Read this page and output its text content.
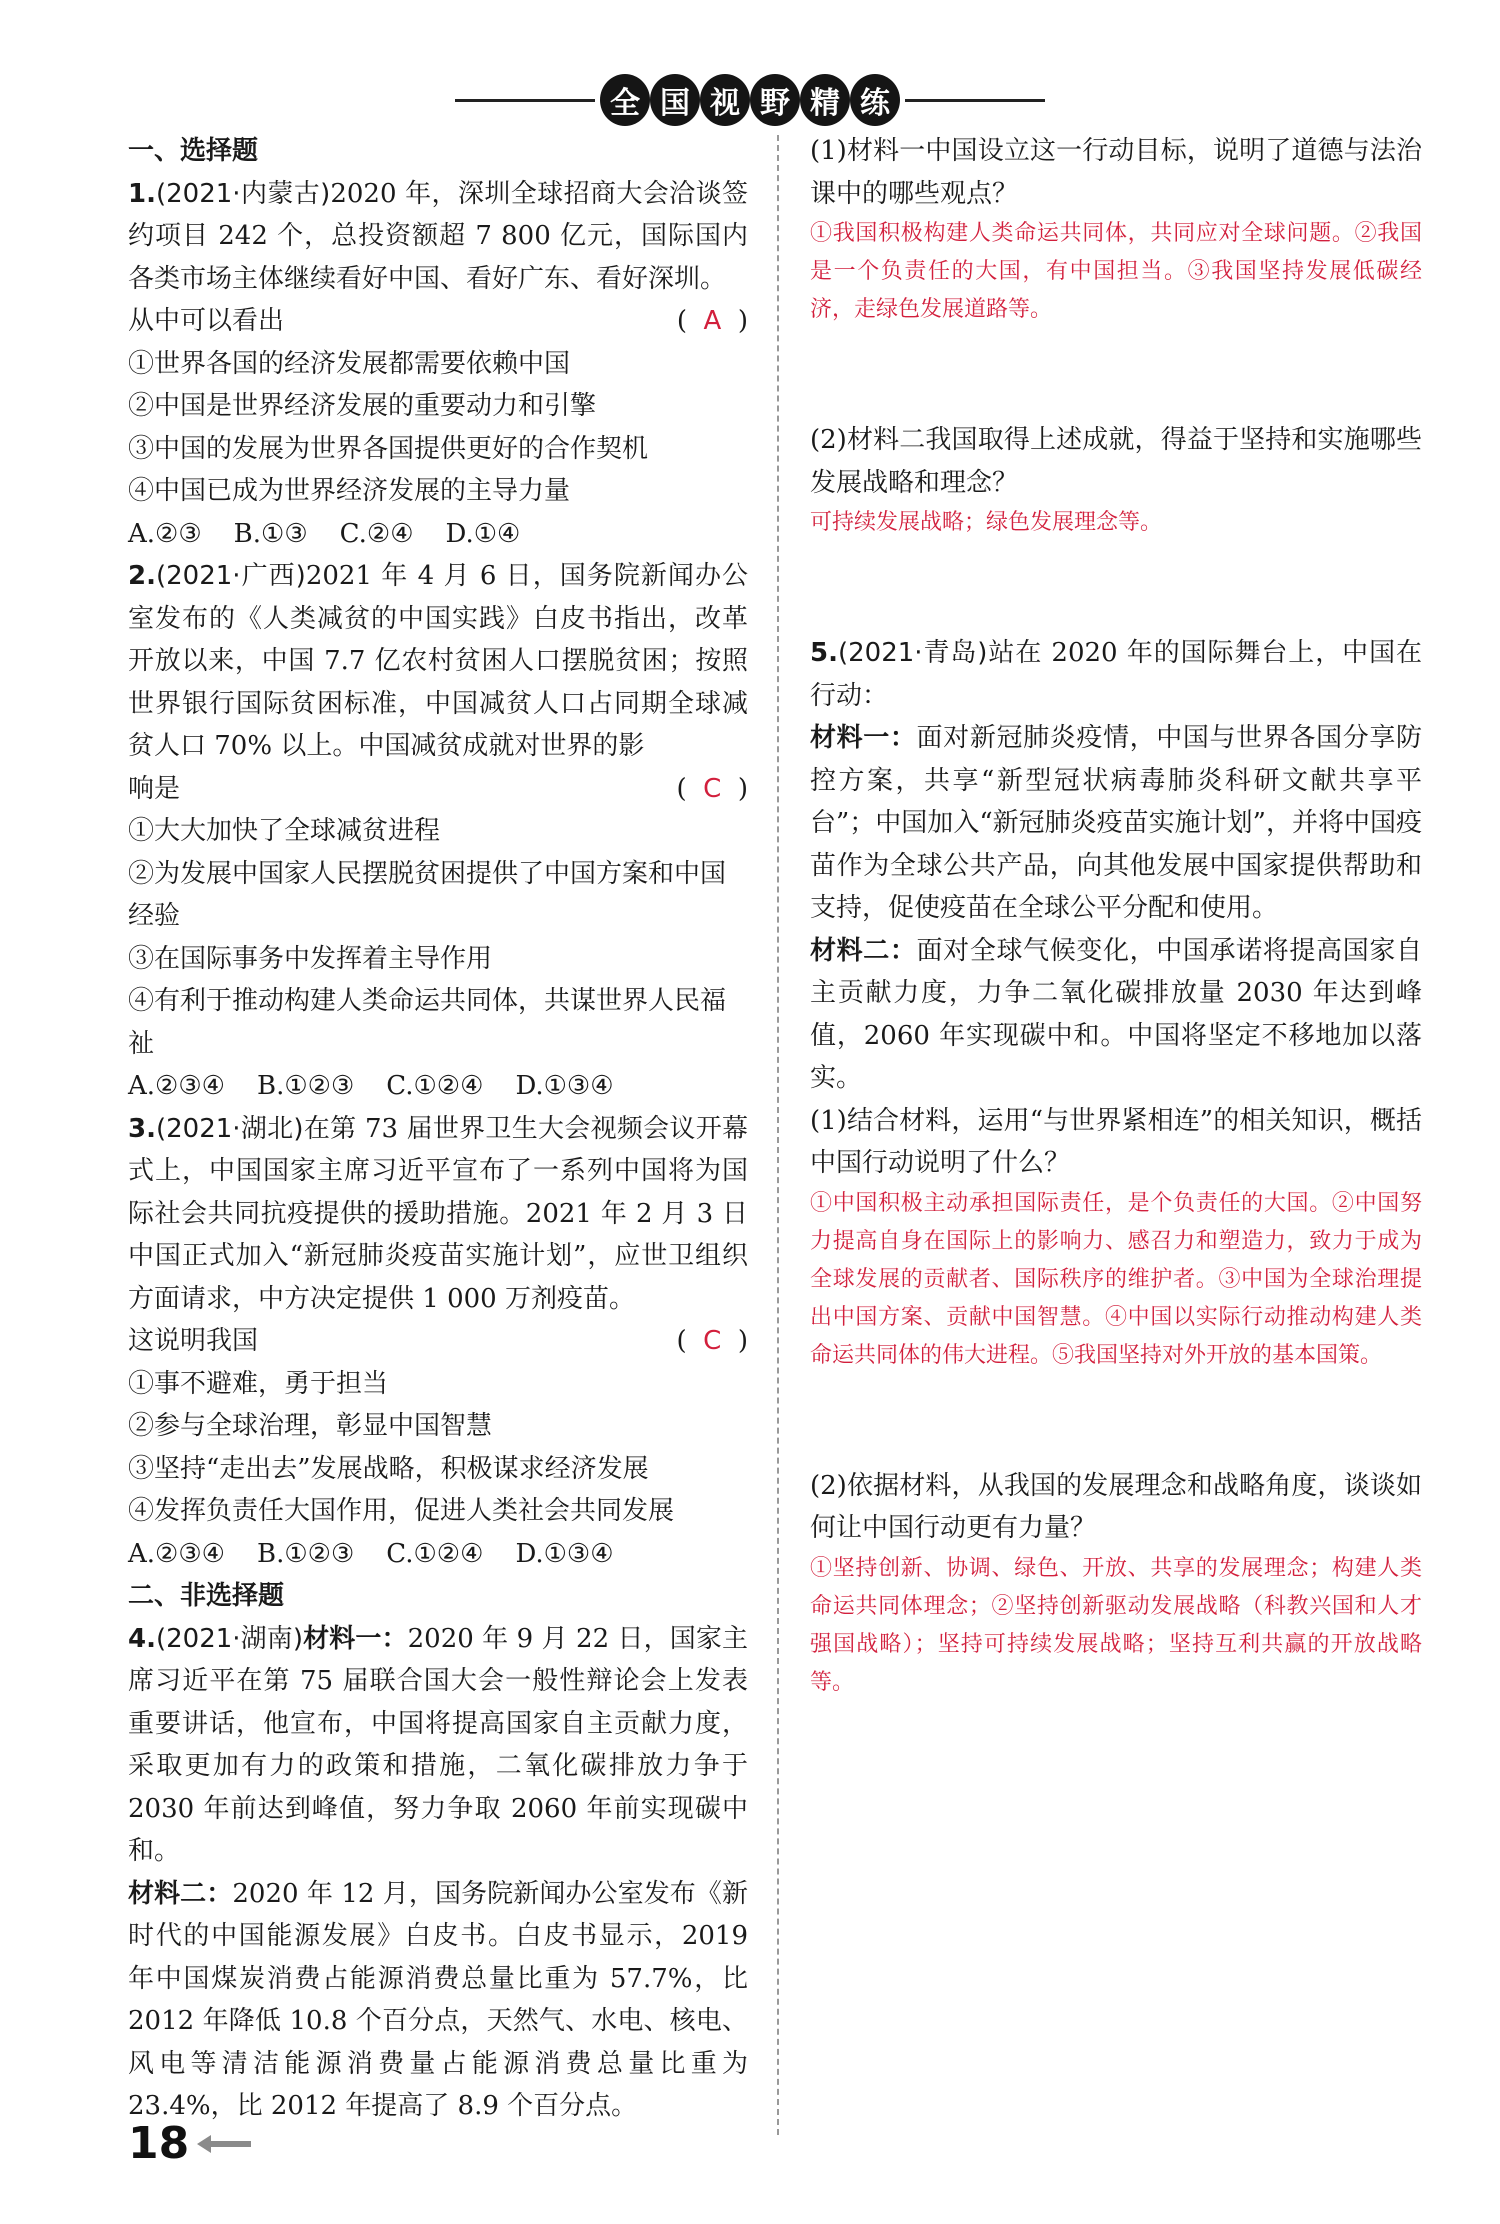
全 国 视 野 精 练
一、选择题
1.(2021·内蒙古)2020 年，深圳全球招商大会洽谈签约项目 242 个，总投资额超 7 800 亿元，国际国内各类市场主体继续看好中国、看好广东、看好深圳。
从中可以看出	(  A  )
①世界各国的经济发展都需要依赖中国
②中国是世界经济发展的重要动力和引擎
③中国的发展为世界各国提供更好的合作契机
④中国已成为世界经济发展的主导力量
A.②③ B.①③ C.②④ D.①④
2.(2021·广西)2021 年 4 月 6 日，国务院新闻办公室发布的《人类减贫的中国实践》白皮书指出，改革开放以来，中国 7.7 亿农村贫困人口摆脱贫困；按照世界银行国际贫困标准，中国减贫人口占同期全球减贫人口 70% 以上。中国减贫成就对世界的影
响是	(  C  )
①大大加快了全球减贫进程
②为发展中国家人民摆脱贫困提供了中国方案和中国经验
③在国际事务中发挥着主导作用
④有利于推动构建人类命运共同体，共谋世界人民福祉
A.②③④ B.①②③ C.①②④ D.①③④
3.(2021·湖北)在第 73 届世界卫生大会视频会议开幕式上，中国国家主席习近平宣布了一系列中国将为国际社会共同抗疫提供的援助措施。2021 年 2 月 3 日中国正式加入“新冠肺炎疫苗实施计划”，应世卫组织方面请求，中方决定提供 1 000 万剂疫苗。
这说明我国	(  C  )
①事不避难，勇于担当
②参与全球治理，彰显中国智慧
③坚持“走出去”发展战略，积极谋求经济发展
④发挥负责任大国作用，促进人类社会共同发展
A.②③④ B.①②③ C.①②④ D.①③④
二、非选择题
4.(2021·湖南)材料一：2020 年 9 月 22 日，国家主席习近平在第 75 届联合国大会一般性辩论会上发表重要讲话，他宣布，中国将提高国家自主贡献力度，采取更加有力的政策和措施，二氧化碳排放力争于 2030 年前达到峰值，努力争取 2060 年前实现碳中和。
材料二：2020 年 12 月，国务院新闻办公室发布《新时代的中国能源发展》白皮书。白皮书显示，2019 年中国煤炭消费占能源消费总量比重为 57.7%，比 2012 年降低 10.8 个百分点，天然气、水电、核电、风电等清洁能源消费量占能源消费总量比重为 23.4%，比 2012 年提高了 8.9 个百分点。
(1)材料一中国设立这一行动目标，说明了道德与法治课中的哪些观点？
①我国积极构建人类命运共同体，共同应对全球问题。②我国是一个负责任的大国，有中国担当。③我国坚持发展低碳经济，走绿色发展道路等。
(2)材料二我国取得上述成就，得益于坚持和实施哪些发展战略和理念？
可持续发展战略；绿色发展理念等。
5.(2021·青岛)站在 2020 年的国际舞台上，中国在行动：
材料一：面对新冠肺炎疫情，中国与世界各国分享防控方案，共享“新型冠状病毒肺炎科研文献共享平台”；中国加入“新冠肺炎疫苗实施计划”，并将中国疫苗作为全球公共产品，向其他发展中国家提供帮助和支持，促使疫苗在全球公平分配和使用。
材料二：面对全球气候变化，中国承诺将提高国家自主贡献力度，力争二氧化碳排放量 2030 年达到峰值，2060 年实现碳中和。中国将坚定不移地加以落实。
(1)结合材料，运用“与世界紧相连”的相关知识，概括中国行动说明了什么？
①中国积极主动承担国际责任，是个负责任的大国。②中国努力提高自身在国际上的影响力、感召力和塑造力，致力于成为全球发展的贡献者、国际秩序的维护者。③中国为全球治理提出中国方案、贡献中国智慧。④中国以实际行动推动构建人类命运共同体的伟大进程。⑤我国坚持对外开放的基本国策。
(2)依据材料，从我国的发展理念和战略角度，谈谈如何让中国行动更有力量？
①坚持创新、协调、绿色、开放、共享的发展理念；构建人类命运共同体理念；②坚持创新驱动发展战略（科教兴国和人才强国战略）；坚持可持续发展战略；坚持互利共赢的开放战略等。
18
